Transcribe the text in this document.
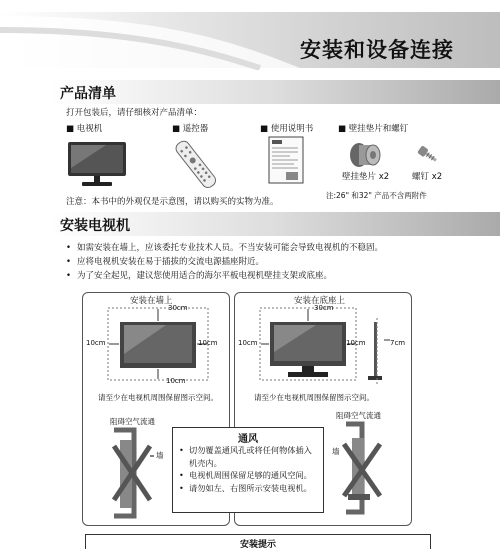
安装和设备连接
产品清单
打开包装后，请仔细核对产品清单：
■ 电视机	■ 遥控器	■ 使用说明书	■ 壁挂垫片和螺钉
壁挂垫片 x2	螺钉 x2
注意：本书中的外观仅是示意图，请以购买的实物为准。
注:26" 和32" 产品不含两附件
安装电视机
• 如需安装在墙上，应该委托专业技术人员。不当安装可能会导致电视机的不稳固。
• 应将电视机安装在易于插拔的交流电源插座附近。
• 为了安全起见，建议您使用适合的海尔平板电视机壁挂支架或底座。
安装在墙上
30cm
10cm	10cm
10cm
请至少在电视机周围保留图示空间。
阻碍空气流通
墙
安装在底座上
30cm
10cm	10cm	7cm
请至少在电视机周围保留图示空间。
阻碍空气流通
墙
通风
• 切勿覆盖通风孔或将任何物体插入机壳内。
• 电视机周围保留足够的通风空间。
• 请勿如左、右图所示安装电视机。
安装提示
